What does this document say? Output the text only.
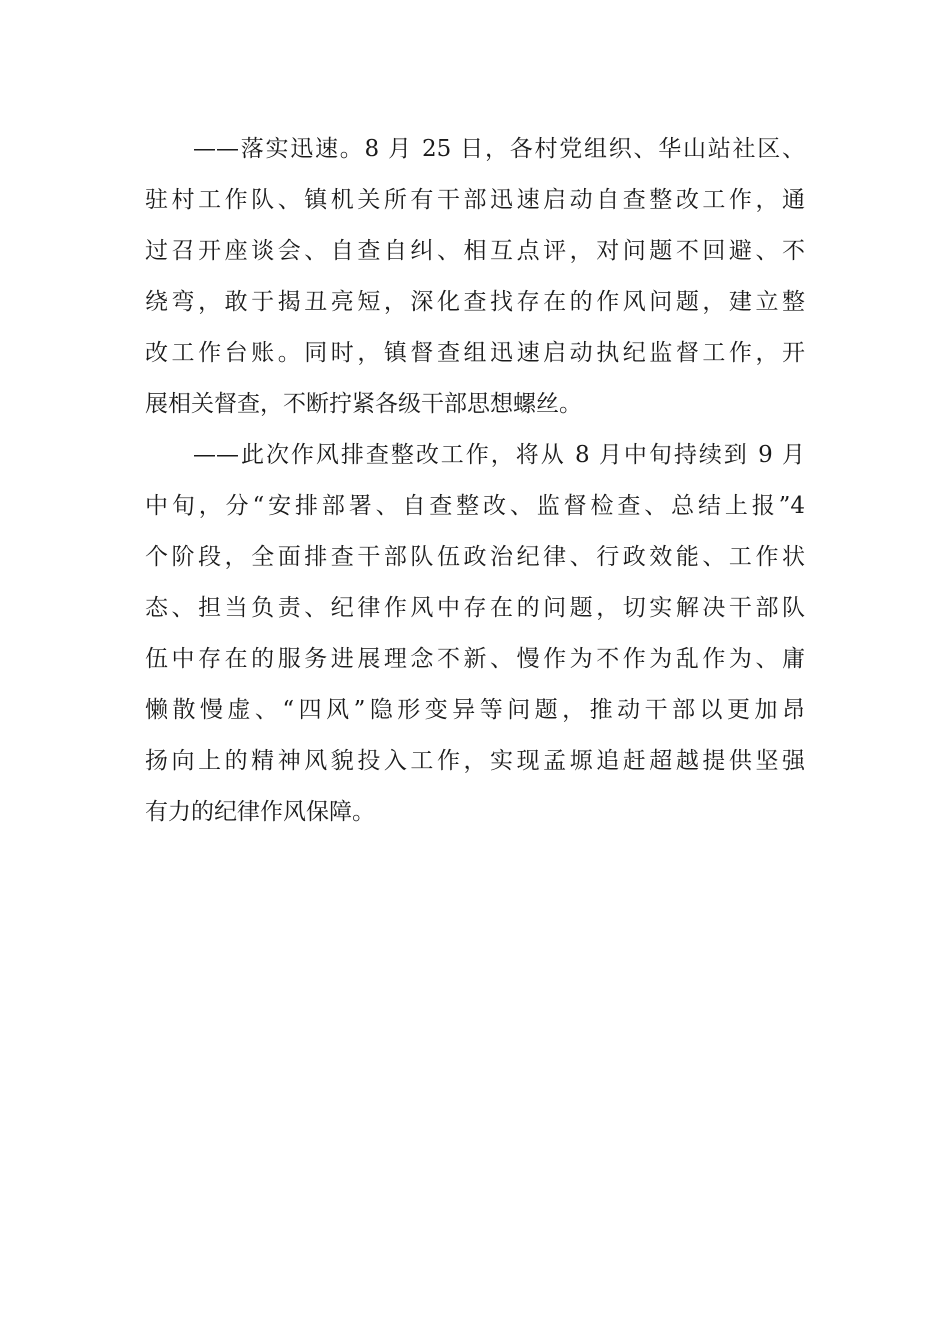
——落实迅速。8 月 25 日，各村党组织、华山站社区、
驻村工作队、镇机关所有干部迅速启动自查整改工作，通
过召开座谈会、自查自纠、相互点评，对问题不回避、不
绕弯，敢于揭丑亮短，深化查找存在的作风问题，建立整
改工作台账。同时，镇督查组迅速启动执纪监督工作，开
展相关督查，不断拧紧各级干部思想螺丝。
——此次作风排查整改工作，将从 8 月中旬持续到 9 月
中旬，分“安排部署、自查整改、监督检查、总结上报”4
个阶段，全面排查干部队伍政治纪律、行政效能、工作状
态、担当负责、纪律作风中存在的问题，切实解决干部队
伍中存在的服务进展理念不新、慢作为不作为乱作为、庸
懒散慢虚、“四风”隐形变异等问题，推动干部以更加昂
扬向上的精神风貌投入工作，实现孟塬追赶超越提供坚强
有力的纪律作风保障。
